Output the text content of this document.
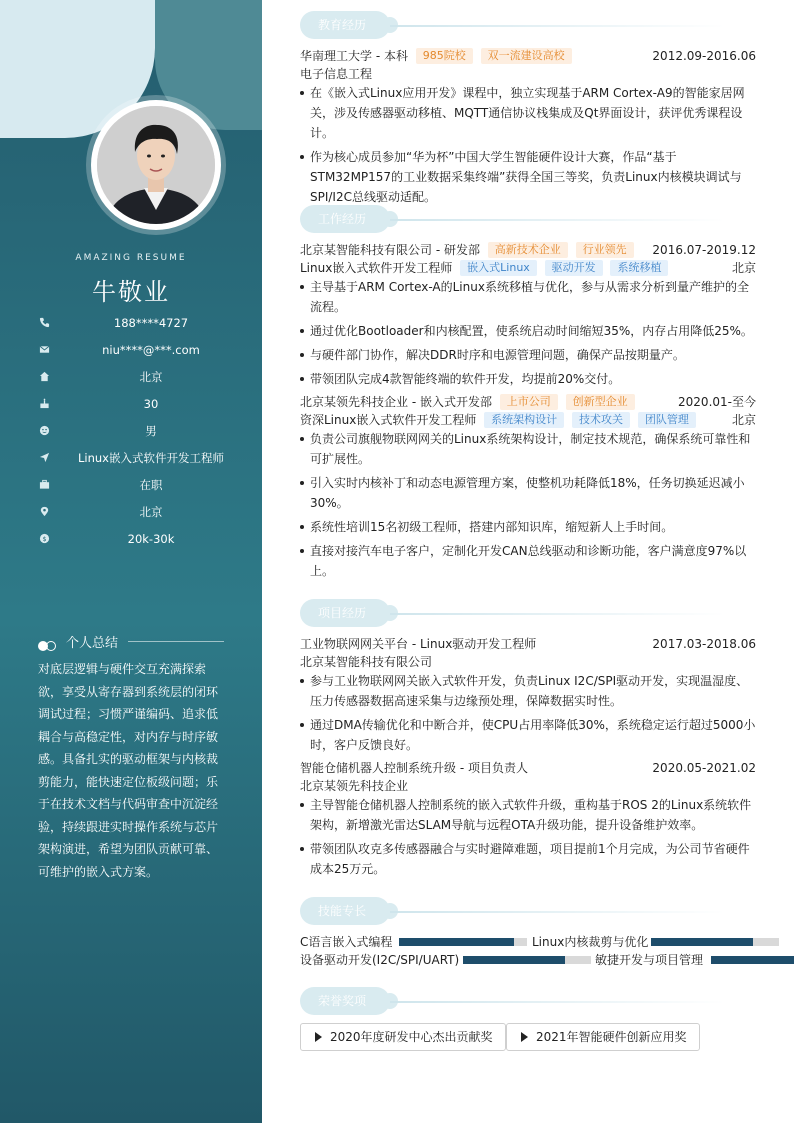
AMAZING RESUME
牛敬业
188****4727
niu****@***.com
北京
30
男
Linux嵌入式软件开发工程师
在职
北京
$	20k-30k
个人总结
对底层逻辑与硬件交互充满探索欲，享受从寄存器到系统层的闭环调试过程；习惯严谨编码、追求低耦合与高稳定性，对内存与时序敏感。具备扎实的驱动框架与内核裁剪能力，能快速定位板级问题；乐于在技术文档与代码审查中沉淀经验，持续跟进实时操作系统与芯片架构演进，希望为团队贡献可靠、可维护的嵌入式方案。
教育经历
华南理工大学 - 本科 985院校 双一流建设高校	2012.09-2016.06
电子信息工程
在《嵌入式Linux应用开发》课程中，独立实现基于ARM Cortex-A9的智能家居网关，涉及传感器驱动移植、MQTT通信协议栈集成及Qt界面设计，获评优秀课程设计。
作为核心成员参加“华为杯”中国大学生智能硬件设计大赛，作品“基于STM32MP157的工业数据采集终端”获得全国三等奖，负责Linux内核模块调试与SPI/I2C总线驱动适配。
工作经历
北京某智能科技有限公司 - 研发部 高新技术企业 行业领先 2016.07-2019.12
Linux嵌入式软件开发工程师 嵌入式Linux 驱动开发 系统移植	北京
主导基于ARM Cortex-A的Linux系统移植与优化，参与从需求分析到量产维护的全流程。
通过优化Bootloader和内核配置，使系统启动时间缩短35%，内存占用降低25%。
与硬件部门协作，解决DDR时序和电源管理问题，确保产品按期量产。
带领团队完成4款智能终端的软件开发，均提前20%交付。
北京某领先科技企业 - 嵌入式开发部 上市公司 创新型企业	2020.01-至今
资深Linux嵌入式软件开发工程师 系统架构设计 技术攻关 团队管理	北京
负责公司旗舰物联网网关的Linux系统架构设计，制定技术规范，确保系统可靠性和可扩展性。
引入实时内核补丁和动态电源管理方案，使整机功耗降低18%，任务切换延迟减小30%。
系统性培训15名初级工程师，搭建内部知识库，缩短新人上手时间。
直接对接汽车电子客户，定制化开发CAN总线驱动和诊断功能，客户满意度97%以上。
项目经历
工业物联网网关平台 - Linux驱动开发工程师	2017.03-2018.06
北京某智能科技有限公司
参与工业物联网网关嵌入式软件开发，负责Linux I2C/SPI驱动开发，实现温湿度、压力传感器数据高速采集与边缘预处理，保障数据实时性。
通过DMA传输优化和中断合并，使CPU占用率降低30%，系统稳定运行超过5000小时，客户反馈良好。
智能仓储机器人控制系统升级 - 项目负责人	2020.05-2021.02
北京某领先科技企业
主导智能仓储机器人控制系统的嵌入式软件升级，重构基于ROS 2的Linux系统软件架构，新增激光雷达SLAM导航与远程OTA升级功能，提升设备维护效率。
带领团队攻克多传感器融合与实时避障难题，项目提前1个月完成，为公司节省硬件成本25万元。
技能专长
C语言嵌入式编程	Linux内核裁剪与优化
设备驱动开发(I2C/SPI/UART)	敏捷开发与项目管理
荣誉奖项
2020年度研发中心杰出贡献奖	2021年智能硬件创新应用奖
